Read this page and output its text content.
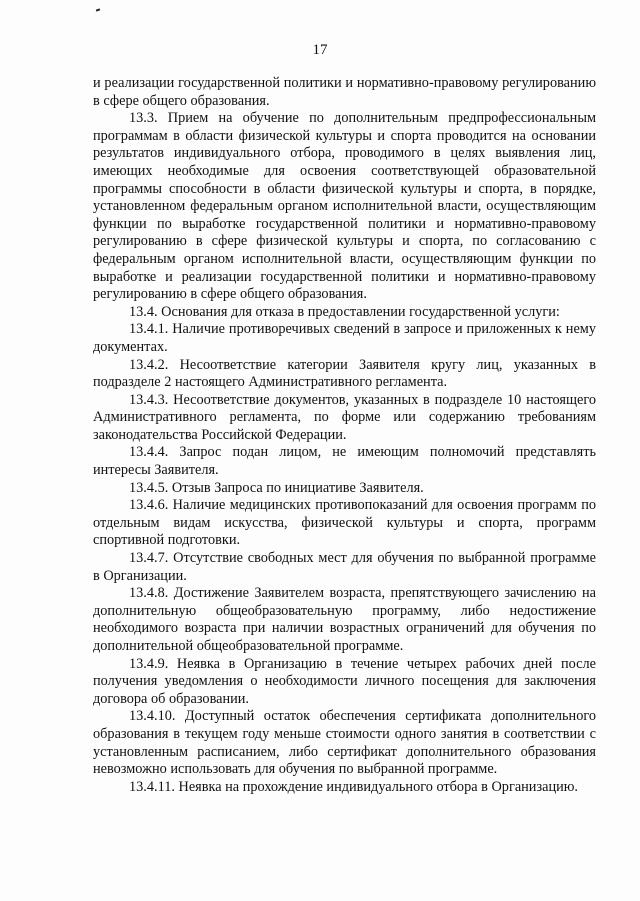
17

и реализации государственной политики и нормативно-правовому регулированию в сфере общего образования.

13.3. Прием на обучение по дополнительным предпрофессиональным программам в области физической культуры и спорта проводится на основании результатов индивидуального отбора, проводимого в целях выявления лиц, имеющих необходимые для освоения соответствующей образовательной программы способности в области физической культуры и спорта, в порядке, установленном федеральным органом исполнительной власти, осуществляющим функции по выработке государственной политики и нормативно-правовому регулированию в сфере физической культуры и спорта, по согласованию с федеральным органом исполнительной власти, осуществляющим функции по выработке и реализации государственной политики и нормативно-правовому регулированию в сфере общего образования.

13.4. Основания для отказа в предоставлении государственной услуги:

13.4.1. Наличие противоречивых сведений в запросе и приложенных к нему документах.

13.4.2. Несоответствие категории Заявителя кругу лиц, указанных в подразделе 2 настоящего Административного регламента.

13.4.3. Несоответствие документов, указанных в подразделе 10 настоящего Административного регламента, по форме или содержанию требованиям законодательства Российской Федерации.

13.4.4. Запрос подан лицом, не имеющим полномочий представлять интересы Заявителя.

13.4.5. Отзыв Запроса по инициативе Заявителя.

13.4.6. Наличие медицинских противопоказаний для освоения программ по отдельным видам искусства, физической культуры и спорта, программ спортивной подготовки.

13.4.7. Отсутствие свободных мест для обучения по выбранной программе в Организации.

13.4.8. Достижение Заявителем возраста, препятствующего зачислению на дополнительную общеобразовательную программу, либо недостижение необходимого возраста при наличии возрастных ограничений для обучения по дополнительной общеобразовательной программе.

13.4.9. Неявка в Организацию в течение четырех рабочих дней после получения уведомления о необходимости личного посещения для заключения договора об образовании.

13.4.10. Доступный остаток обеспечения сертификата дополнительного образования в текущем году меньше стоимости одного занятия в соответствии с установленным расписанием, либо сертификат дополнительного образования невозможно использовать для обучения по выбранной программе.

13.4.11. Неявка на прохождение индивидуального отбора в Организацию.
